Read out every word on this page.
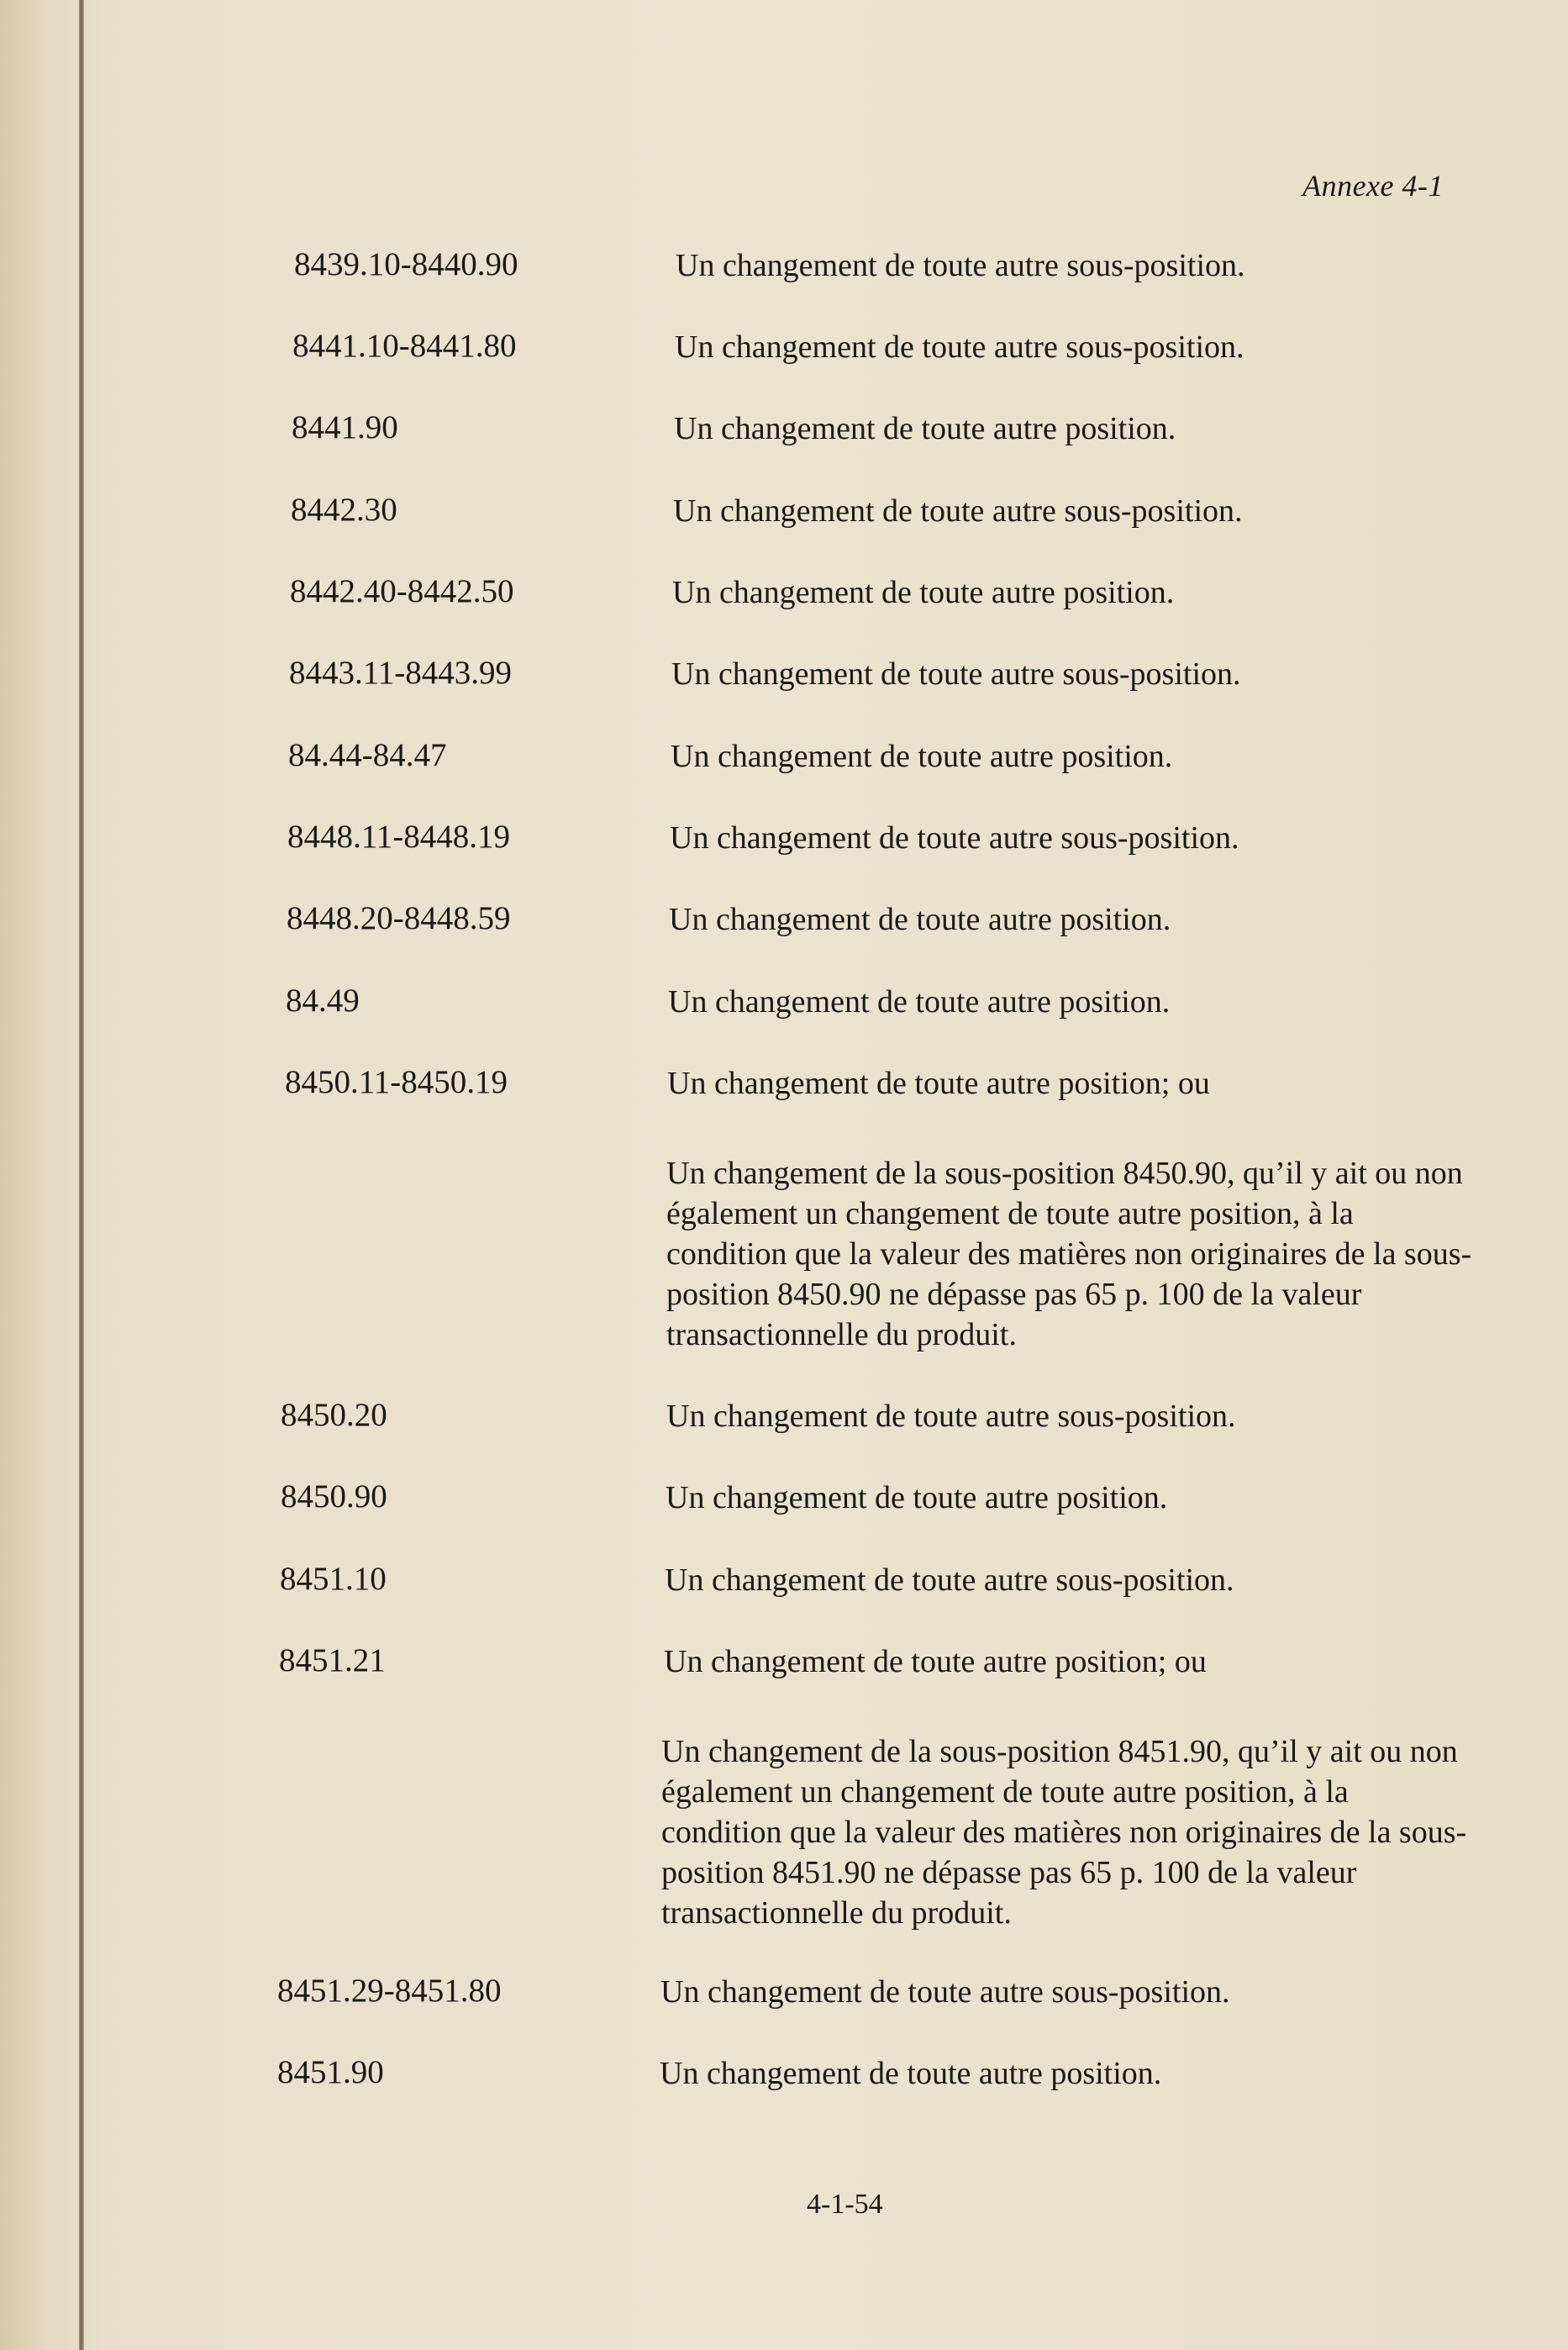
Annexe 4-1
8439.10-8440.90	Un changement de toute autre sous-position.
8441.10-8441.80	Un changement de toute autre sous-position.
8441.90	Un changement de toute autre position.
8442.30	Un changement de toute autre sous-position.
8442.40-8442.50	Un changement de toute autre position.
8443.11-8443.99	Un changement de toute autre sous-position.
84.44-84.47	Un changement de toute autre position.
8448.11-8448.19	Un changement de toute autre sous-position.
8448.20-8448.59	Un changement de toute autre position.
84.49	Un changement de toute autre position.
8450.11-8450.19	Un changement de toute autre position; ou
Un changement de la sous-position 8450.90, qu’il y ait ou non également un changement de toute autre position, à la condition que la valeur des matières non originaires de la sous-position 8450.90 ne dépasse pas 65 p. 100 de la valeur transactionnelle du produit.
8450.20	Un changement de toute autre sous-position.
8450.90	Un changement de toute autre position.
8451.10	Un changement de toute autre sous-position.
8451.21	Un changement de toute autre position; ou
Un changement de la sous-position 8451.90, qu’il y ait ou non également un changement de toute autre position, à la condition que la valeur des matières non originaires de la sous-position 8451.90 ne dépasse pas 65 p. 100 de la valeur transactionnelle du produit.
8451.29-8451.80	Un changement de toute autre sous-position.
8451.90	Un changement de toute autre position.
4-1-54
